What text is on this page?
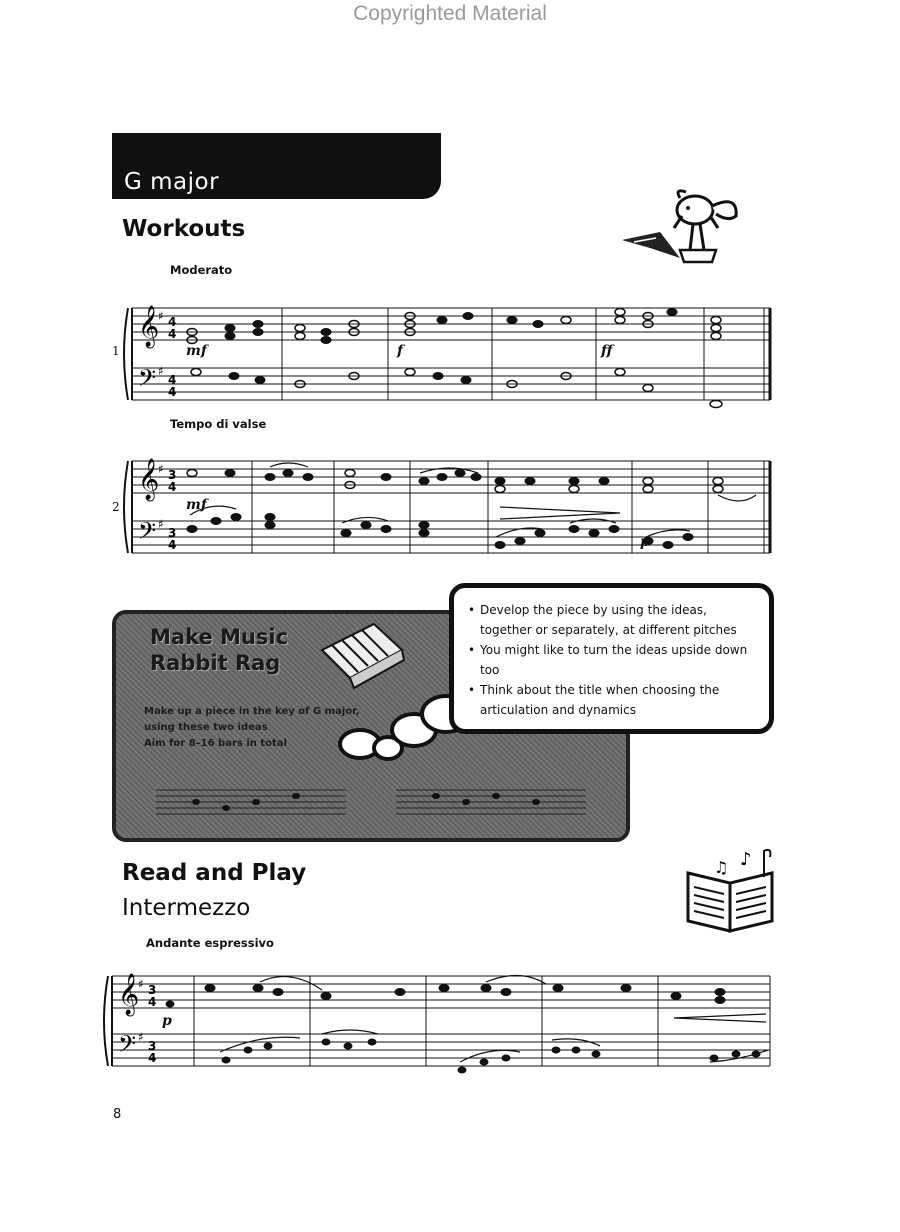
Copyrighted Material
G major
Workouts
Moderato
1
𝄞
𝄢
♯
♯
4
4
4
4
mf	f	ff
Tempo di valse
2
𝄞
𝄢
♯
♯
3
4
3
4
mf
p
Make Music
Rabbit Rag
Make up a piece in the key of G major,
using these two ideas
Aim for 8–16 bars in total
• Develop the piece by using the ideas, together or separately, at different pitches
• You might like to turn the ideas upside down too
• Think about the title when choosing the articulation and dynamics
Read and Play
Intermezzo
♫ ♪
Andante espressivo
𝄞
𝄢
♯
♯
3
4
3
4
p
8
